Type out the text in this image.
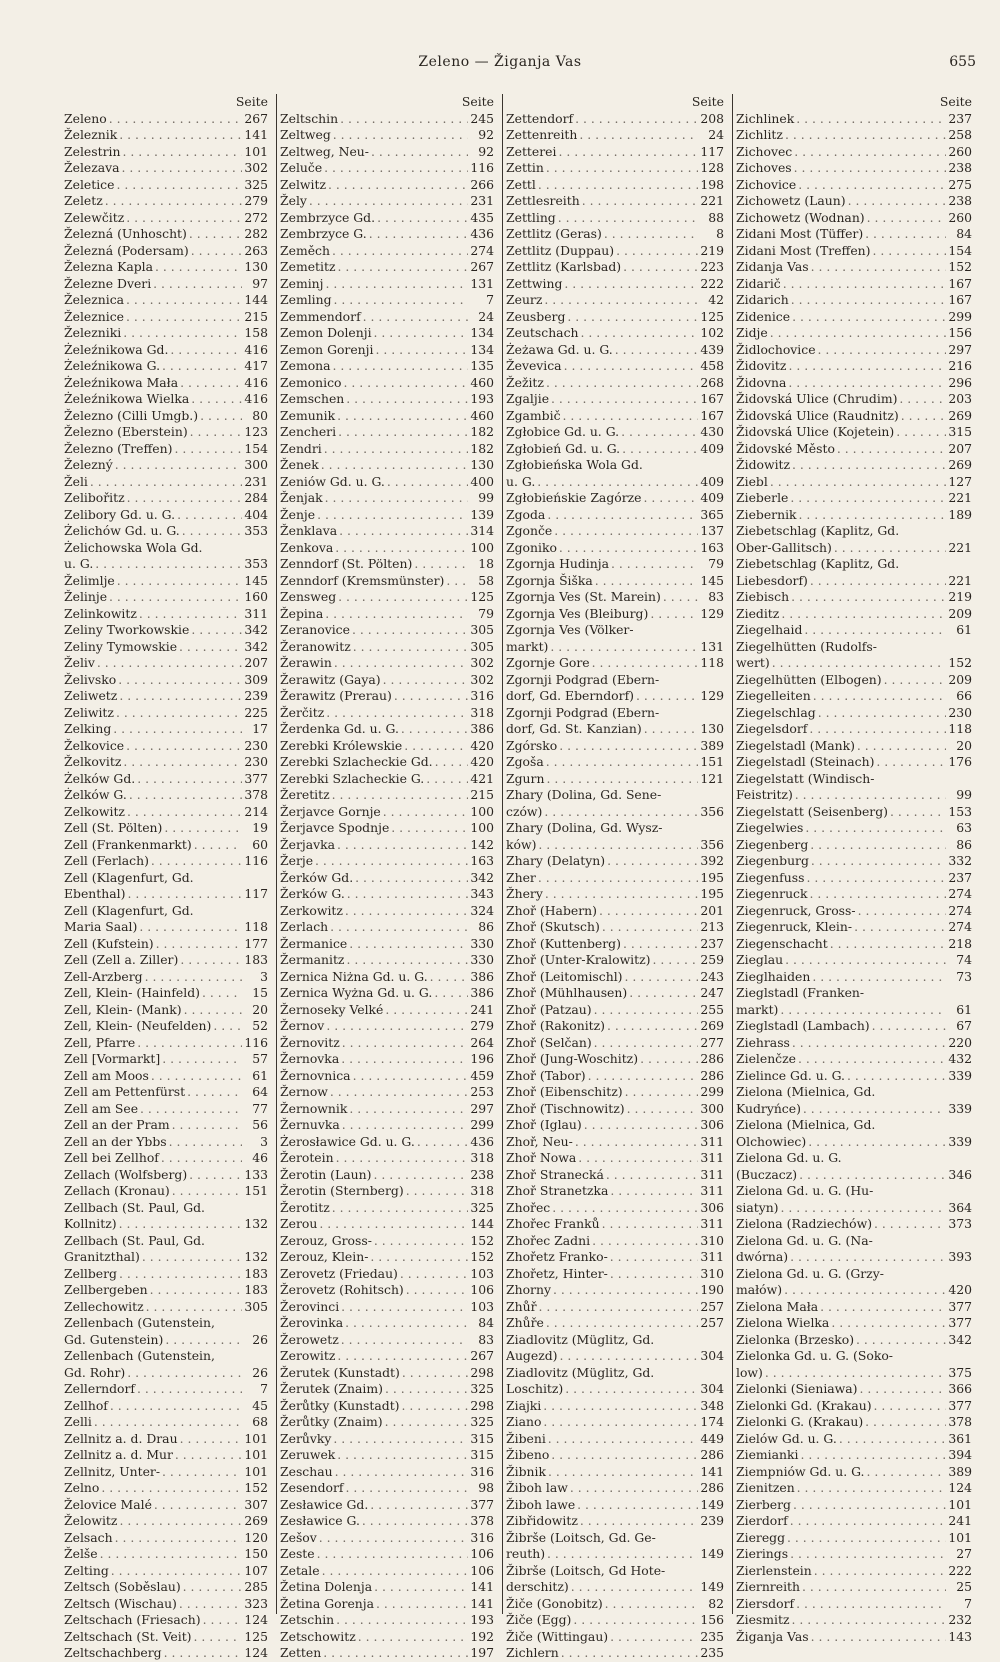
Zeleno — Žiganja Vas	655
Seite
Zeleno . . .	267
Železnik . . .	141
Zelestrin . . .	101
Železava . . .	302
Zeletice . . .	325
Zeletz . . .	279
Zelewčitz . . .	272
Železná (Unhoscht) . . .	282
Železná (Podersam) . . .	263
Železna Kapla . . .	130
Železne Dveri . . .	97
Železnica . . .	144
Železnice . . .	215
Železniki . . .	158
Żeleźnikowa Gd. . . .	416
Żeleźnikowa G. . . .	417
Żeleźnikowa Mała . . .	416
Żeleźnikowa Wielka . . .	416
Železno (Cilli Umgb.) . . .	80
Železno (Eberstein) . . .	123
Železno (Treffen) . . .	154
Železný . . .	300
Želi . . .	231
Zelibořitz . . .	284
Zelibory Gd. u. G. . . .	404
Żelichów Gd. u. G. . . .	353
Żelichowska Wola Gd.
u. G. . . .	353
Želimlje . . .	145
Želinje . . .	160
Zelinkowitz . . .	311
Zeliny Tworkowskie . . .	342
Zeliny Tymowskie . . .	342
Želiv . . .	207
Želivsko . . .	309
Zeliwetz . . .	239
Zeliwitz . . .	225
Zelking . . .	17
Želkovice . . .	230
Želkovitz . . .	230
Żelków Gd. . . .	377
Żelków G. . . .	378
Zelkowitz . . .	214
Zell (St. Pölten) . . .	19
Zell (Frankenmarkt) . . .	60
Zell (Ferlach) . . .	116
Zell (Klagenfurt, Gd.
Ebenthal) . . .	117
Zell (Klagenfurt, Gd.
Maria Saal) . . .	118
Zell (Kufstein) . . .	177
Zell (Zell a. Ziller) . . .	183
Zell-Arzberg . . .	3
Zell, Klein- (Hainfeld) . . .	15
Zell, Klein- (Mank) . . .	20
Zell, Klein- (Neufelden) . . .	52
Zell, Pfarre . . .	116
Zell [Vormarkt] . . .	57
Zell am Moos . . .	61
Zell am Pettenfürst . . .	64
Zell am See . . .	77
Zell an der Pram . . .	56
Zell an der Ybbs . . .	3
Zell bei Zellhof . . .	46
Zellach (Wolfsberg) . . .	133
Zellach (Kronau) . . .	151
Zellbach (St. Paul, Gd.
Kollnitz) . . .	132
Zellbach (St. Paul, Gd.
Granitzthal) . . .	132
Zellberg . . .	183
Zellbergeben . . .	183
Zellechowitz . . .	305
Zellenbach (Gutenstein,
Gd. Gutenstein) . . .	26
Zellenbach (Gutenstein,
Gd. Rohr) . . .	26
Zellerndorf . . .	7
Zellhof . . .	45
Zelli . . .	68
Zellnitz a. d. Drau . . .	101
Zellnitz a. d. Mur . . .	101
Zellnitz, Unter- . . .	101
Zelno . . .	152
Želovice Malé . . .	307
Želowitz . . .	269
Zelsach . . .	120
Želše . . .	150
Zelting . . .	107
Zeltsch (Soběslau) . . .	285
Zeltsch (Wischau) . . .	323
Zeltschach (Friesach) . . .	124
Zeltschach (St. Veit) . . .	125
Zeltschachberg . . .	124
Seite
Zeltschin . . .	245
Zeltweg . . .	92
Zeltweg, Neu- . . .	92
Zeluče . . .	116
Zelwitz . . .	266
Žely . . .	231
Zembrzyce Gd. . . .	435
Zembrzyce G. . . .	436
Zeměch . . .	274
Zemetitz . . .	267
Zeminj . . .	131
Zemling . . .	7
Zemmendorf . . .	24
Zemon Dolenji . . .	134
Zemon Gorenji . . .	134
Zemona . . .	135
Zemonico . . .	460
Zemschen . . .	193
Zemunik . . .	460
Zencheri . . .	182
Zendri . . .	182
Ženek . . .	130
Zeniów Gd. u. G. . . .	400
Ženjak . . .	99
Ženje . . .	139
Ženklava . . .	314
Zenkova . . .	100
Zenndorf (St. Pölten) . . .	18
Zenndorf (Kremsmünster) . . .	58
Zensweg . . .	125
Žepina . . .	79
Zeranovice . . .	305
Žeranowitz . . .	305
Žerawin . . .	302
Žerawitz (Gaya) . . .	302
Žerawitz (Prerau) . . .	316
Žerčitz . . .	318
Žerdenka Gd. u. G. . . .	386
Zerebki Królewskie . . .	420
Zerebki Szlacheckie Gd. . . .	420
Zerebki Szlacheckie G. . . .	421
Žeretitz . . .	215
Žerjavce Gornje . . .	100
Žerjavce Spodnje . . .	100
Žerjavka . . .	142
Žerje . . .	163
Žerków Gd. . . .	342
Žerków G. . . .	343
Zerkowitz . . .	324
Zerlach . . .	86
Žermanice . . .	330
Žermanitz . . .	330
Zernica Niżna Gd. u. G. . . .	386
Zernica Wyżna Gd. u. G. . . .	386
Žernoseky Velké . . .	241
Žernov . . .	279
Žernovitz . . .	264
Žernovka . . .	196
Žernovnica . . .	459
Žernow . . .	253
Žernownik . . .	297
Žernuvka . . .	299
Żerosławice Gd. u. G. . . .	436
Žerotein . . .	318
Žerotin (Laun) . . .	238
Žerotin (Sternberg) . . .	318
Žerotitz . . .	325
Zerou . . .	144
Zerouz, Gross- . . .	152
Zerouz, Klein- . . .	152
Zerovetz (Friedau) . . .	103
Žerovetz (Rohitsch) . . .	106
Žerovinci . . .	103
Žerovinka . . .	84
Žerowetz . . .	83
Zerowitz . . .	267
Žerutek (Kunstadt) . . .	298
Žerutek (Znaim) . . .	325
Žerůtky (Kunstadt) . . .	298
Žerůtky (Znaim) . . .	325
Zerůvky . . .	315
Zeruwek . . .	315
Zeschau . . .	316
Zesendorf . . .	98
Zesławice Gd. . . .	377
Zesławice G. . . .	378
Zešov . . .	316
Zeste . . .	106
Zetale . . .	106
Žetina Dolenja . . .	141
Žetina Gorenja . . .	141
Zetschin . . .	193
Zetschowitz . . .	192
Zetten . . .	197
Seite
Zettendorf . . .	208
Zettenreith . . .	24
Zetterei . . .	117
Zettin . . .	128
Zettl . . .	198
Zettlesreith . . .	221
Zettling . . .	88
Zettlitz (Geras) . . .	8
Zettlitz (Duppau) . . .	219
Zettlitz (Karlsbad) . . .	223
Zettwing . . .	222
Zeurz . . .	42
Zeusberg . . .	125
Zeutschach . . .	102
Żeżawa Gd. u. G. . . .	439
Ževevica . . .	458
Žežitz . . .	268
Zgaljie . . .	167
Zgambič . . .	167
Zgłobice Gd. u. G. . . .	430
Zgłobień Gd. u. G. . . .	409
Zgłobieńska Wola Gd.
u. G. . . .	409
Zgłobieńskie Zagórze . . .	409
Zgoda . . .	365
Zgonče . . .	137
Zgoniko . . .	163
Zgornja Hudinja . . .	79
Zgornja Šiška . . .	145
Zgornja Ves (St. Marein) . . .	83
Zgornja Ves (Bleiburg) . . .	129
Zgornja Ves (Völker-
markt) . . .	131
Zgornje Gore . . .	118
Zgornji Podgrad (Ebern-
dorf, Gd. Eberndorf) . . .	129
Zgornji Podgrad (Ebern-
dorf, Gd. St. Kanzian) . . .	130
Zgórsko . . .	389
Zgoša . . .	151
Zgurn . . .	121
Zhary (Dolina, Gd. Sene-
czów) . . .	356
Zhary (Dolina, Gd. Wysz-
ków) . . .	356
Zhary (Delatyn) . . .	392
Zher . . .	195
Žhery . . .	195
Zhoř (Habern) . . .	201
Zhoř (Skutsch) . . .	213
Zhoř (Kuttenberg) . . .	237
Zhoř (Unter-Kralowitz) . . .	259
Zhoř (Leitomischl) . . .	243
Zhoř (Mühlhausen) . . .	247
Zhoř (Patzau) . . .	255
Zhoř (Rakonitz) . . .	269
Zhoř (Selčan) . . .	277
Zhoř (Jung-Woschitz) . . .	286
Zhoř (Tabor) . . .	286
Zhoř (Eibenschitz) . . .	299
Zhoř (Tischnowitz) . . .	300
Zhoř (Iglau) . . .	306
Zhoř, Neu- . . .	311
Zhoř Nowa . . .	311
Zhoř Stranecká . . .	311
Zhoř Stranetzka . . .	311
Zhořec . . .	306
Zhořec Franků . . .	311
Zhořec Zadni . . .	310
Zhořetz Franko- . . .	311
Zhořetz, Hinter- . . .	310
Zhorny . . .	190
Zhůř . . .	257
Zhůře . . .	257
Ziadlovitz (Müglitz, Gd.
Augezd) . . .	304
Ziadlovitz (Müglitz, Gd.
Loschitz) . . .	304
Ziajki . . .	348
Ziano . . .	174
Žibeni . . .	449
Žibeno . . .	286
Žibnik . . .	141
Žiboh law . . .	286
Žiboh lawe . . .	149
Zibřidowitz . . .	239
Žibrše (Loitsch, Gd. Ge-
reuth) . . .	149
Žibrše (Loitsch, Gd Hote-
derschitz) . . .	149
Žiče (Gonobitz) . . .	82
Žiče (Egg) . . .	156
Žiče (Wittingau) . . .	235
Zichlern . . .	235
Seite
Zichlinek . . .	237
Zichlitz . . .	258
Zichovec . . .	260
Zichoves . . .	238
Zichovice . . .	275
Zichowetz (Laun) . . .	238
Zichowetz (Wodnan) . . .	260
Zidani Most (Tüffer) . . .	84
Zidani Most (Treffen) . . .	154
Zidanja Vas . . .	152
Zidarič . . .	167
Zidarich . . .	167
Zidenice . . .	299
Zidje . . .	156
Židlochovice . . .	297
Židovitz . . .	216
Židovna . . .	296
Židovská Ulice (Chrudim) . . .	203
Židovská Ulice (Raudnitz) . . .	269
Židovská Ulice (Kojetein) . . .	315
Židovské Město . . .	207
Židowitz . . .	269
Ziebl . . .	127
Zieberle . . .	221
Ziebernik . . .	189
Ziebetschlag (Kaplitz, Gd.
Ober-Gallitsch) . . .	221
Ziebetschlag (Kaplitz, Gd.
Liebesdorf) . . .	221
Ziebisch . . .	219
Zieditz . . .	209
Ziegelhaid . . .	61
Ziegelhütten (Rudolfs-
wert) . . .	152
Ziegelhütten (Elbogen) . . .	209
Ziegelleiten . . .	66
Ziegelschlag . . .	230
Ziegelsdorf . . .	118
Ziegelstadl (Mank) . . .	20
Ziegelstadl (Steinach) . . .	176
Ziegelstatt (Windisch-
Feistritz) . . .	99
Ziegelstatt (Seisenberg) . . .	153
Ziegelwies . . .	63
Ziegenberg . . .	86
Ziegenburg . . .	332
Ziegenfuss . . .	237
Ziegenruck . . .	274
Ziegenruck, Gross- . . .	274
Ziegenruck, Klein- . . .	274
Ziegenschacht . . .	218
Zieglau . . .	74
Zieglhaiden . . .	73
Zieglstadl (Franken-
markt) . . .	61
Zieglstadl (Lambach) . . .	67
Ziehrass . . .	220
Zielenčze . . .	432
Zielince Gd. u. G. . . .	339
Zielona (Mielnica, Gd.
Kudryńce) . . .	339
Zielona (Mielnica, Gd.
Olchowiec) . . .	339
Zielona Gd. u. G.
(Buczacz) . . .	346
Zielona Gd. u. G. (Hu-
siatyn) . . .	364
Zielona (Radziechów) . . .	373
Zielona Gd. u. G. (Na-
dwórna) . . .	393
Zielona Gd. u. G. (Grzy-
małów) . . .	420
Zielona Mała . . .	377
Zielona Wielka . . .	377
Zielonka (Brzesko) . . .	342
Zielonka Gd. u. G. (Soko-
low) . . .	375
Zielonki (Sieniawa) . . .	366
Zielonki Gd. (Krakau) . . .	377
Zielonki G. (Krakau) . . .	378
Zielów Gd. u. G. . . .	361
Ziemianki . . .	394
Ziempniów Gd. u. G. . . .	389
Zienitzen . . .	124
Zierberg . . .	101
Zierdorf . . .	241
Zieregg . . .	101
Zierings . . .	27
Zierlenstein . . .	222
Ziernreith . . .	25
Ziersdorf . . .	7
Ziesmitz . . .	232
Žiganja Vas . . .	143
